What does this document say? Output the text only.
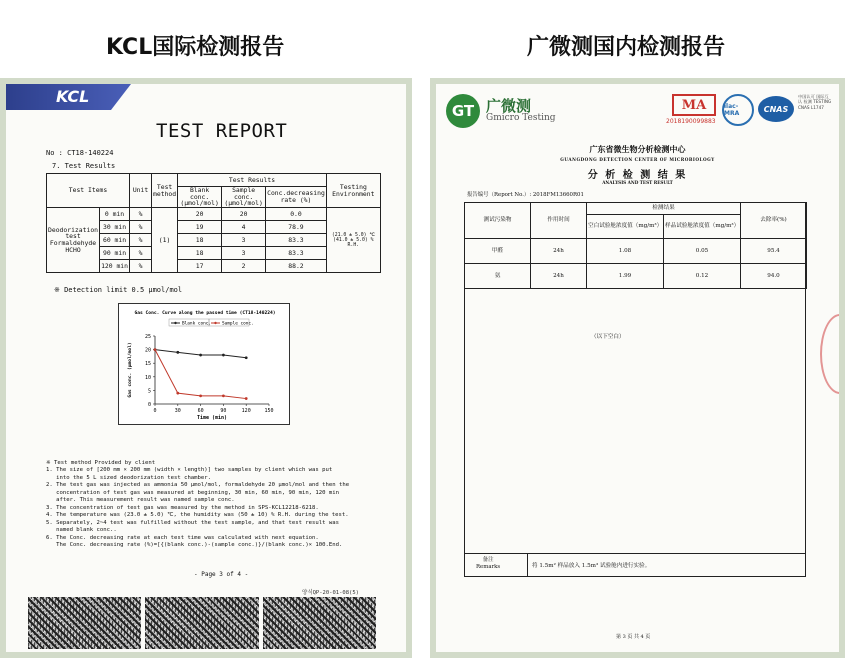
KCL国际检测报告	广微测国内检测报告
KCL
TEST REPORT
No : CT18-140224
7. Test Results
Test Items		Unit	Test method	Test Results			Testing Environment
				Blank conc. (μmol/mol)	Sample conc. (μmol/mol)	Conc.decreasing rate (%)	
Deodorization test Formaldehyde HCHO	0 min	%	(1)	20	20	0.0	(21.0 ± 5.0) ℃ (41.0 ± 5.0) % R.H.
	30 min	%		19	4	78.9	
	60 min	%		18	3	83.3	
	90 min	%		18	3	83.3	
	120 min	%		17	2	88.2	
※ Detection limit 0.5 μmol/mol
Gas Conc. Curve along the passed time (CT18-140224)
Blank conc. Sample conc.
0
5
10
15
20
25
0	30	60	90	120	150
Time (min)
Gas conc. (μmol/mol)

※ Test method Provided by client

1. The size of [200 mm × 200 mm (width × length)] two samples by client which was put

into the 5 L sized deodorization test chamber.

2. The test gas was injected as ammonia 50 μmol/mol, formaldehyde 20 μmol/mol and then the

concentration of test gas was measured at beginning, 30 min, 60 min, 90 min, 120 min

after. This measurement result was named sample conc.

3. The concentration of test gas was measured by the method in SPS-KCL12218-6218.

4. The temperature was (23.0 ± 5.0) ℃, the humidity was (50 ± 10) % R.H. during the test.

5. Separately, 2~4 test was fulfilled without the test sample, and that test result was

named blank conc..

6. The Conc. decreasing rate at each test time was calculated with next equation.

The Conc. decreasing rate (%)=[{(blank conc.)-(sample conc.)}/(blank conc.)× 100.End.

- Page 3 of 4 -
양식QP-20-01-08(5)
GT 广微测
Gmicro Testing
MA
2018190099883
ilac-MRA	CNAS
中国认可 国际互认 检测 TESTING CNAS L1747
广东省微生物分析检测中心
GUANGDONG DETECTION CENTER OF MICROBIOLOGY
分 析 检 测 结 果
ANALYSIS AND TEST RESULT
报告编号（Report No.）: 2018FM13660R01
测试污染物	作用时间	检测结果		去除率(%)
		空白试验舱浓度值（mg/m³）	样品试验舱浓度值（mg/m³）	
甲醛	24h	1.08	0.05	95.4
氨	24h	1.99	0.12	94.0
（以下空白）
备注
Remarks	将 1.5m² 样品放入 1.5m³ 试验舱内进行实验。
第 3 页 共 4 页
